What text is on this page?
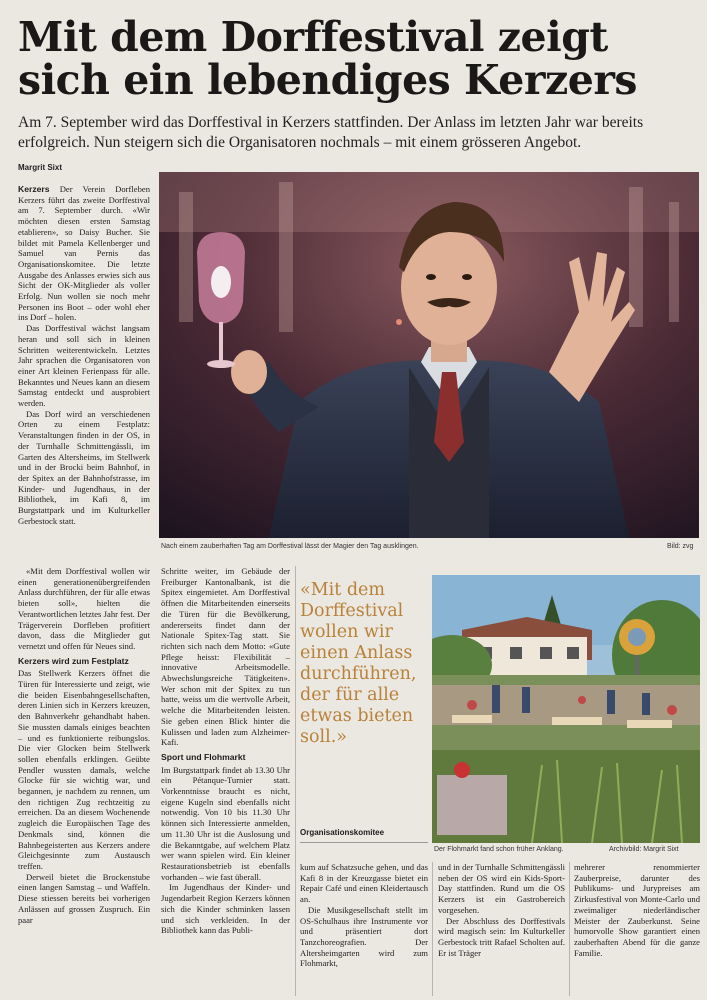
Mit dem Dorffestival zeigt sich ein lebendiges Kerzers
Am 7. September wird das Dorffestival in Kerzers stattfinden. Der Anlass im letzten Jahr war bereits erfolgreich. Nun steigern sich die Organisatoren nochmals – mit einem grösseren Angebot.
Margrit Sixt

Kerzers Der Verein Dorfleben Kerzers führt das zweite Dorffestival am 7. September durch. «Wir möchten diesen ersten Samstag etablieren», so Daisy Bucher. Sie bildet mit Pamela Kellenberger und Samuel van Pernis das Organisationskomitee. Die letzte Ausgabe des Anlasses erwies sich aus Sicht der OK-Mitglieder als voller Erfolg. Nun wollen sie noch mehr Personen ins Boot – oder wohl eher ins Dorf – holen.

Das Dorffestival wächst langsam heran und soll sich in kleinen Schritten weiterentwickeln. Letztes Jahr sprachen die Organisatoren von einer Art kleinen Ferienpass für alle. Bekanntes und Neues kann an diesem Samstag entdeckt und ausprobiert werden.

Das Dorf wird an verschiedenen Orten zu einem Festplatz: Veranstaltungen finden in der OS, in der Turnhalle Schmittengässli, im Garten des Altersheims, im Stellwerk und in der Brocki beim Bahnhof, in der Spitex an der Bahnhofstrasse, im Kinder- und Jugendhaus, in der Bibliothek, im Kafi 8, im Burgstattpark und im Kulturkeller Gerbestock statt.

«Mit dem Dorffestival wollen wir einen generationenübergreifenden Anlass durchführen, der für alle etwas bieten soll», hielten die Verantwortlichen letztes Jahr fest. Der Trägerverein Dorfleben profitiert davon, dass die Mitglieder gut vernetzt und offen für Neues sind.

Kerzers wird zum Festplatz

Das Stellwerk Kerzers öffnet die Türen für Interessierte und zeigt, wie die beiden Eisenbahngesellschaften, deren Linien sich in Kerzers kreuzen, den Bahnverkehr gehandhabt haben. Sie mussten damals einiges beachten – und es funktionierte reibungslos. Die vier Glocken beim Stellwerk sollen ebenfalls erklingen. Geübte Pendler wussten damals, welche Glocke für sie wichtig war, und begannen, je nachdem zu rennen, um den richtigen Zug rechtzeitig zu erreichen. Da an diesem Wochenende zugleich die Europäischen Tage des Denkmals sind, können die Bahnbegeisterten aus Kerzers andere Gleichgesinnte zum Austausch treffen.

Derweil bietet die Brockenstube einen langen Samstag – und Waffeln. Diese stiessen bereits bei vorherigen Anlässen auf grossen Zuspruch. Ein paar

Nach einem zauberhaften Tag am Dorffestival lässt der Magier den Tag ausklingen.	Bild: zvg

Schritte weiter, im Gebäude der Freiburger Kantonalbank, ist die Spitex eingemietet. Am Dorffestival öffnen die Mitarbeitenden einerseits die Türen für die Bevölkerung, andererseits findet dann der Nationale Spitex-Tag statt. Sie richten sich nach dem Motto: «Gute Pflege heisst: Flexibilität – innovative Arbeitsmodelle. Abwechslungsreiche Tätigkeiten». Wer schon mit der Spitex zu tun hatte, weiss um die wertvolle Arbeit, welche die Mitarbeitenden leisten. Sie geben einen Blick hinter die Kulissen und laden zum Alzheimer-Kafi.

Sport und Flohmarkt

Im Burgstattpark findet ab 13.30 Uhr ein Pétanque-Turnier statt. Vorkenntnisse braucht es nicht, eigene Kugeln sind ebenfalls nicht notwendig. Von 10 bis 11.30 Uhr können sich Interessierte anmelden, um 11.30 Uhr ist die Auslosung und die Bekanntgabe, auf welchem Platz wer wann spielen wird. Ein kleiner Restaurationsbetrieb ist ebenfalls vorhanden – wie fast überall.

Im Jugendhaus der Kinder- und Jugendarbeit Region Kerzers können sich die Kinder schminken lassen und sich verkleiden. In der Bibliothek kann das Publi-

«Mit dem Dorffestival wollen wir einen Anlass durchführen, der für alle etwas bieten soll.»
Organisationskomitee

kum auf Schatzsuche gehen, und das Kafi 8 in der Kreuzgasse bietet ein Repair Café und einen Kleidertausch an.

Die Musikgesellschaft stellt im OS-Schulhaus ihre Instrumente vor und präsentiert dort Tanzchoreografien. Der Altersheimgarten wird zum Flohmarkt,

Der Flohmarkt fand schon früher Anklang.	Archivbild: Margrit Sixt

und in der Turnhalle Schmittengässli neben der OS wird ein Kids-Sport-Day stattfinden. Rund um die OS Kerzers ist ein Gastrobereich vorgesehen.

Der Abschluss des Dorffestivals wird magisch sein: Im Kulturkeller Gerbestock tritt Rafael Scholten auf. Er ist Träger

mehrerer renommierter Zauberpreise, darunter des Publikums- und Jurypreises am Zirkusfestival von Monte-Carlo und zweimaliger niederländischer Meister der Zauberkunst. Seine humorvolle Show garantiert einen zauberhaften Abend für die ganze Familie.
